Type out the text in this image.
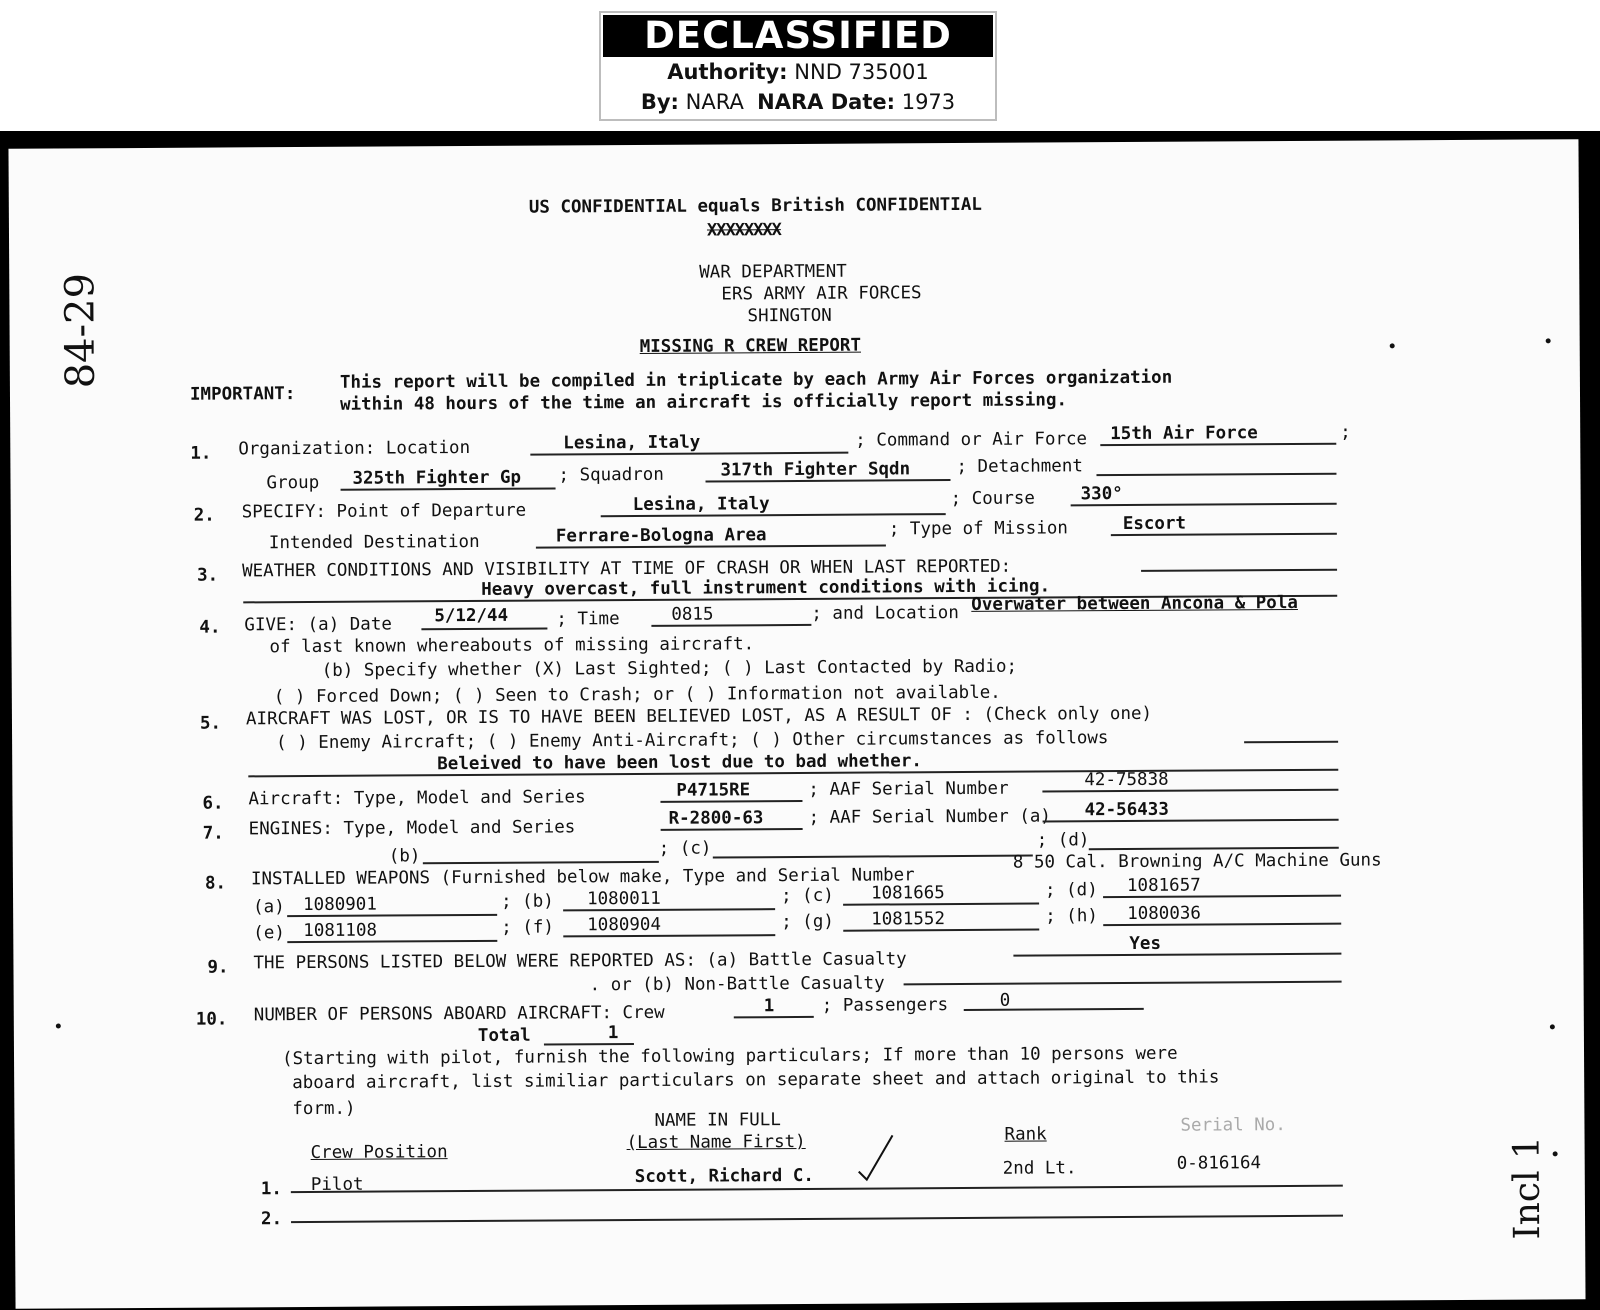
DECLASSIFIED
Authority: NND 735001
By: NARA NARA Date: 1973
84-29
Incl 1
US CONFIDENTIAL equals British CONFIDENTIAL
XXXXXXXX
WAR DEPARTMENT
ERS ARMY AIR FORCES
SHINGTON
MISSING R CREW REPORT
IMPORTANT:
This report will be compiled in triplicate by each Army Air Forces organization
within 48 hours of the time an aircraft is officially report missing.
1. Organization: Location	Lesina, Italy	; Command or Air Force 15th Air Force	;
Group 325th Fighter Gp ; Squadron	317th Fighter Sqdn	; Detachment
2. SPECIFY: Point of Departure	Lesina, Italy	; Course	330°
Intended Destination	Ferrare-Bologna Area	; Type of Mission	Escort
3. WEATHER CONDITIONS AND VISIBILITY AT TIME OF CRASH OR WHEN LAST REPORTED:
Heavy overcast, full instrument conditions with icing.
4. GIVE: (a) Date 5/12/44	; Time	0815	; and Location Overwater between Ancona & Pola
of last known whereabouts of missing aircraft.
(b) Specify whether (X) Last Sighted; ( ) Last Contacted by Radio;
( ) Forced Down; ( ) Seen to Crash; or ( ) Information not available.
5. AIRCRAFT WAS LOST, OR IS TO HAVE BEEN BELIEVED LOST, AS A RESULT OF : (Check only one)
( ) Enemy Aircraft; ( ) Enemy Anti-Aircraft; ( ) Other circumstances as follows
Beleived to have been lost due to bad whether.
6. Aircraft: Type, Model and Series	P4715RE	; AAF Serial Number	42-75838
7. ENGINES: Type, Model and Series	R-2800-63	; AAF Serial Number (a) 42-56433
(b)	; (c)	; (d)
8. INSTALLED WEAPONS (Furnished below make, Type and Serial Number
8 50 Cal. Browning A/C Machine Guns
(a) 1080901	; (b) 1080011	; (c) 1081665	; (d) 1081657
(e) 1081108	; (f) 1080904	; (g) 1081552	; (h) 1080036
9. THE PERSONS LISTED BELOW WERE REPORTED AS: (a) Battle Casualty
Yes
. or (b) Non-Battle Casualty
10. NUMBER OF PERSONS ABOARD AIRCRAFT: Crew	1	; Passengers	0
Total	1
(Starting with pilot, furnish the following particulars; If more than 10 persons were
aboard aircraft, list similiar particulars on separate sheet and attach original to this
form.)
Crew Position
NAME IN FULL
(Last Name First)	Rank	Serial No.
1. Pilot	Scott, Richard C.	2nd Lt.	0-816164
2.
